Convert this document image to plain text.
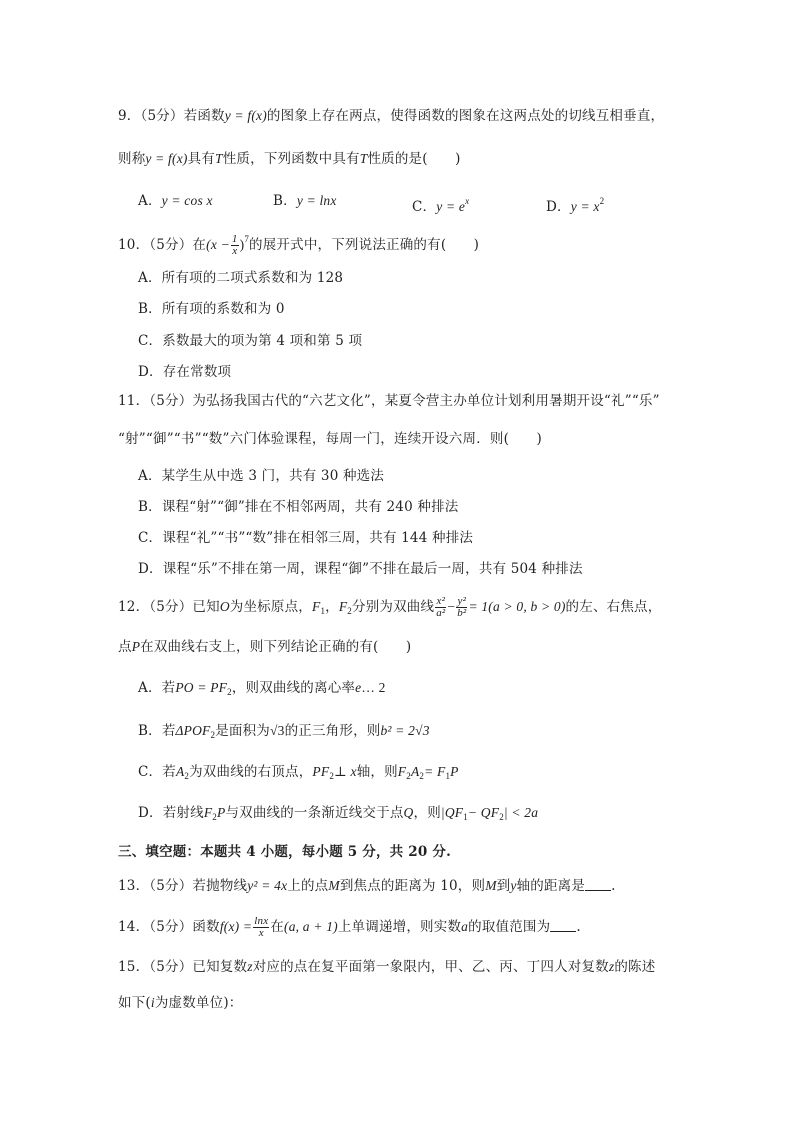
9．（5分）若函数y = f(x)的图象上存在两点，使得函数的图象在这两点处的切线互相垂直，
则称y = f(x)具有T性质，下列函数中具有T性质的是(　　)
A．y = cos x	B．y = lnx	C．$y = e^x$	D．$y = x^2$
10．（5分）在$(x - \frac{1}{x} )^7$的展开式中，下列说法正确的有(　　)
A．所有项的二项式系数和为 128
B．所有项的系数和为 0
C．系数最大的项为第 4 项和第 5 项
D．存在常数项
11．（5分）为弘扬我国古代的“六艺文化”，某夏令营主办单位计划利用暑期开设“礼”“乐”
“射”“御”“书”“数”六门体验课程，每周一门，连续开设六周．则(　　)
A．某学生从中选 3 门，共有 30 种选法
B．课程“射”“御”排在不相邻两周，共有 240 种排法
C．课程“礼”“书”“数”排在相邻三周，共有 144 种排法
D．课程“乐”不排在第一周，课程“御”不排在最后一周，共有 504 种排法
12．（5分）已知O为坐标原点，$F_1$，$F_2$分别为双曲线 $\frac{\text{x²}}{\text{a²}} - \frac{\text{y²}}{\text{b²}} = 1(a > 0$, b > 0)的左、右焦点，
点P在双曲线右支上，则下列结论正确的有(　　)
A．若PO = $PF_2$，则双曲线的离心率e… 2
B．若$\Delta POF_2$是面积为√3的正三角形，则b² = 2√3
C．若$A_2$为双曲线的右顶点，$PF_2\perp$ x轴，则$F_2A_2= F_1P$
D．若射线$F_2P$与双曲线的一条渐近线交于点Q，则$|QF_1- QF_2| < 2a$
三、填空题：本题共 4 小题，每小题 5 分，共 20 分.
13．（5分）若抛物线y² = 4x上的点M到焦点的距离为 10，则M到y轴的距离是 .
14．（5分）函数$f(x) = \frac{\ln x}{x}$ 在(a, a + 1)上单调递增，则实数a的取值范围为 .
15．（5分）已知复数z对应的点在复平面第一象限内，甲、乙、丙、丁四人对复数z的陈述
如下(i为虚数单位)：
